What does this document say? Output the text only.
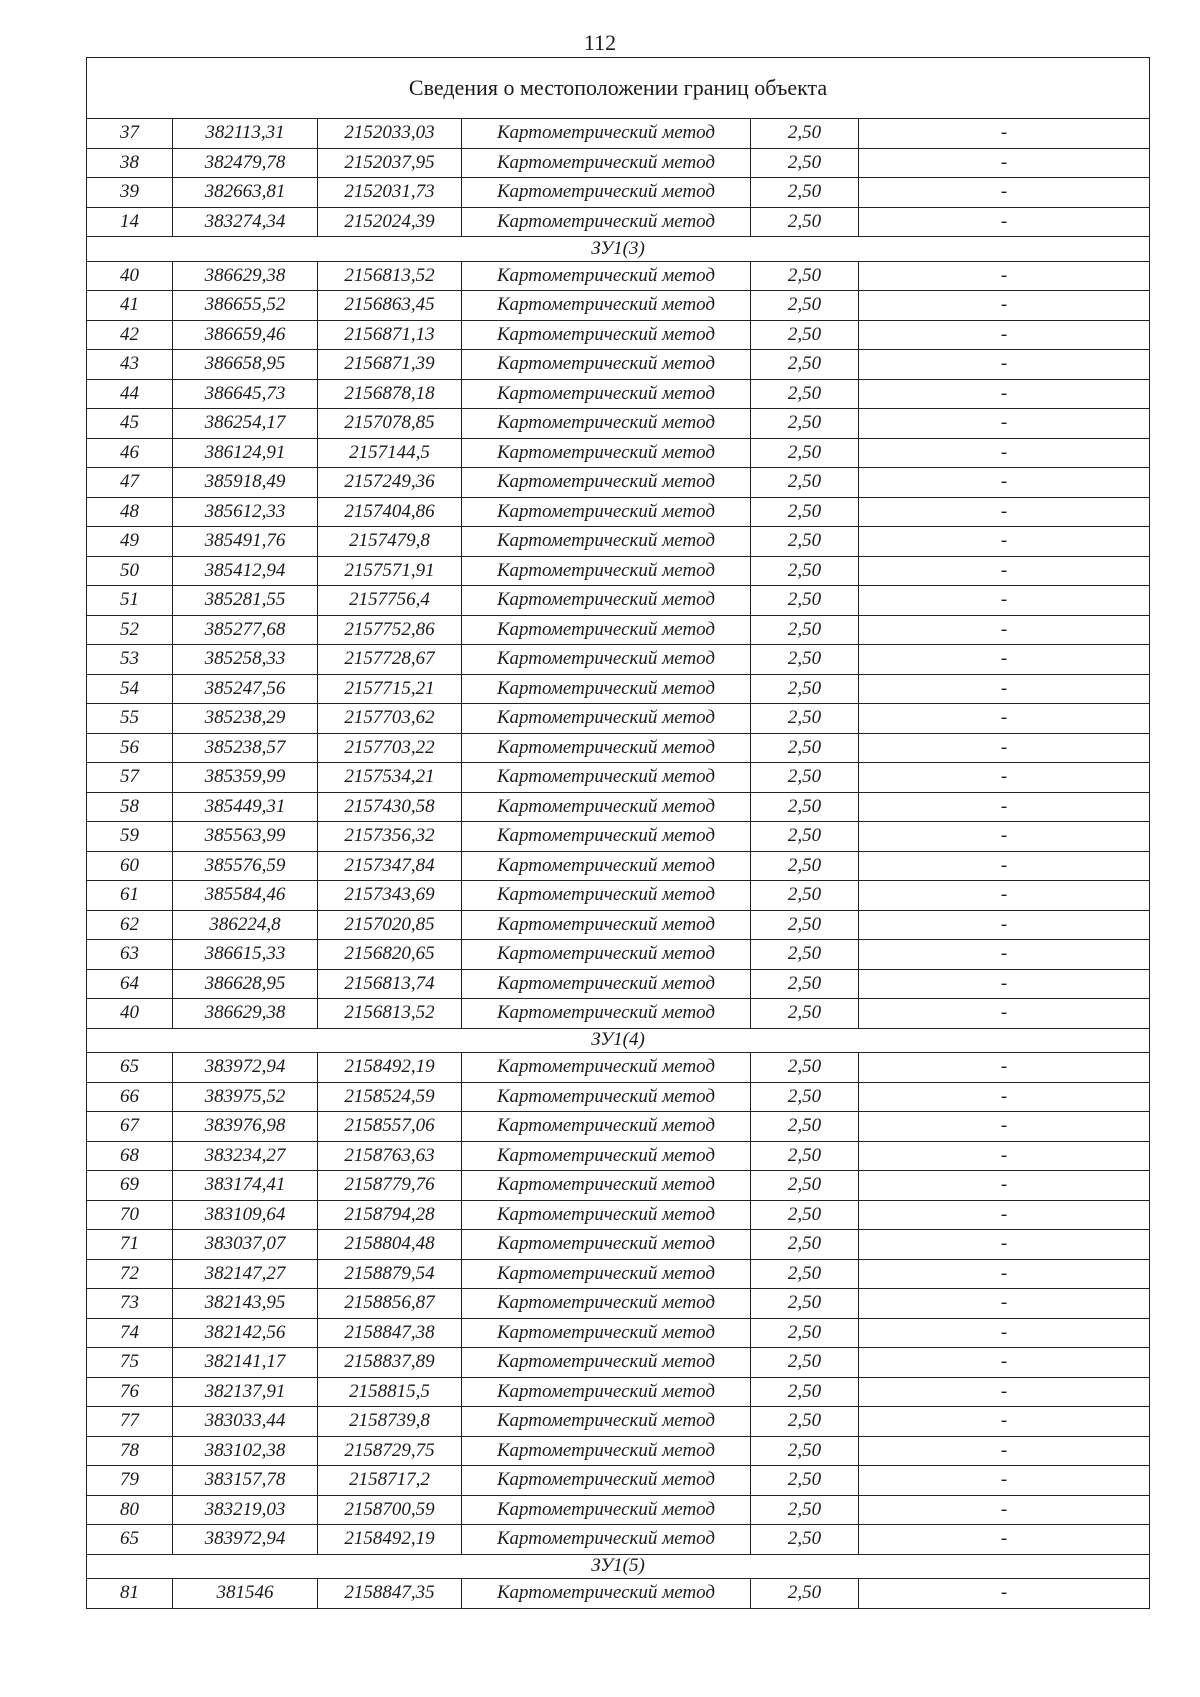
112
Сведения о местоположении границ объекта					
37	382113,31	2152033,03	Картометрический метод	2,50	-
38	382479,78	2152037,95	Картометрический метод	2,50	-
39	382663,81	2152031,73	Картометрический метод	2,50	-
14	383274,34	2152024,39	Картометрический метод	2,50	-
ЗУ1(3)					
40	386629,38	2156813,52	Картометрический метод	2,50	-
41	386655,52	2156863,45	Картометрический метод	2,50	-
42	386659,46	2156871,13	Картометрический метод	2,50	-
43	386658,95	2156871,39	Картометрический метод	2,50	-
44	386645,73	2156878,18	Картометрический метод	2,50	-
45	386254,17	2157078,85	Картометрический метод	2,50	-
46	386124,91	2157144,5	Картометрический метод	2,50	-
47	385918,49	2157249,36	Картометрический метод	2,50	-
48	385612,33	2157404,86	Картометрический метод	2,50	-
49	385491,76	2157479,8	Картометрический метод	2,50	-
50	385412,94	2157571,91	Картометрический метод	2,50	-
51	385281,55	2157756,4	Картометрический метод	2,50	-
52	385277,68	2157752,86	Картометрический метод	2,50	-
53	385258,33	2157728,67	Картометрический метод	2,50	-
54	385247,56	2157715,21	Картометрический метод	2,50	-
55	385238,29	2157703,62	Картометрический метод	2,50	-
56	385238,57	2157703,22	Картометрический метод	2,50	-
57	385359,99	2157534,21	Картометрический метод	2,50	-
58	385449,31	2157430,58	Картометрический метод	2,50	-
59	385563,99	2157356,32	Картометрический метод	2,50	-
60	385576,59	2157347,84	Картометрический метод	2,50	-
61	385584,46	2157343,69	Картометрический метод	2,50	-
62	386224,8	2157020,85	Картометрический метод	2,50	-
63	386615,33	2156820,65	Картометрический метод	2,50	-
64	386628,95	2156813,74	Картометрический метод	2,50	-
40	386629,38	2156813,52	Картометрический метод	2,50	-
ЗУ1(4)					
65	383972,94	2158492,19	Картометрический метод	2,50	-
66	383975,52	2158524,59	Картометрический метод	2,50	-
67	383976,98	2158557,06	Картометрический метод	2,50	-
68	383234,27	2158763,63	Картометрический метод	2,50	-
69	383174,41	2158779,76	Картометрический метод	2,50	-
70	383109,64	2158794,28	Картометрический метод	2,50	-
71	383037,07	2158804,48	Картометрический метод	2,50	-
72	382147,27	2158879,54	Картометрический метод	2,50	-
73	382143,95	2158856,87	Картометрический метод	2,50	-
74	382142,56	2158847,38	Картометрический метод	2,50	-
75	382141,17	2158837,89	Картометрический метод	2,50	-
76	382137,91	2158815,5	Картометрический метод	2,50	-
77	383033,44	2158739,8	Картометрический метод	2,50	-
78	383102,38	2158729,75	Картометрический метод	2,50	-
79	383157,78	2158717,2	Картометрический метод	2,50	-
80	383219,03	2158700,59	Картометрический метод	2,50	-
65	383972,94	2158492,19	Картометрический метод	2,50	-
ЗУ1(5)					
81	381546	2158847,35	Картометрический метод	2,50	-
